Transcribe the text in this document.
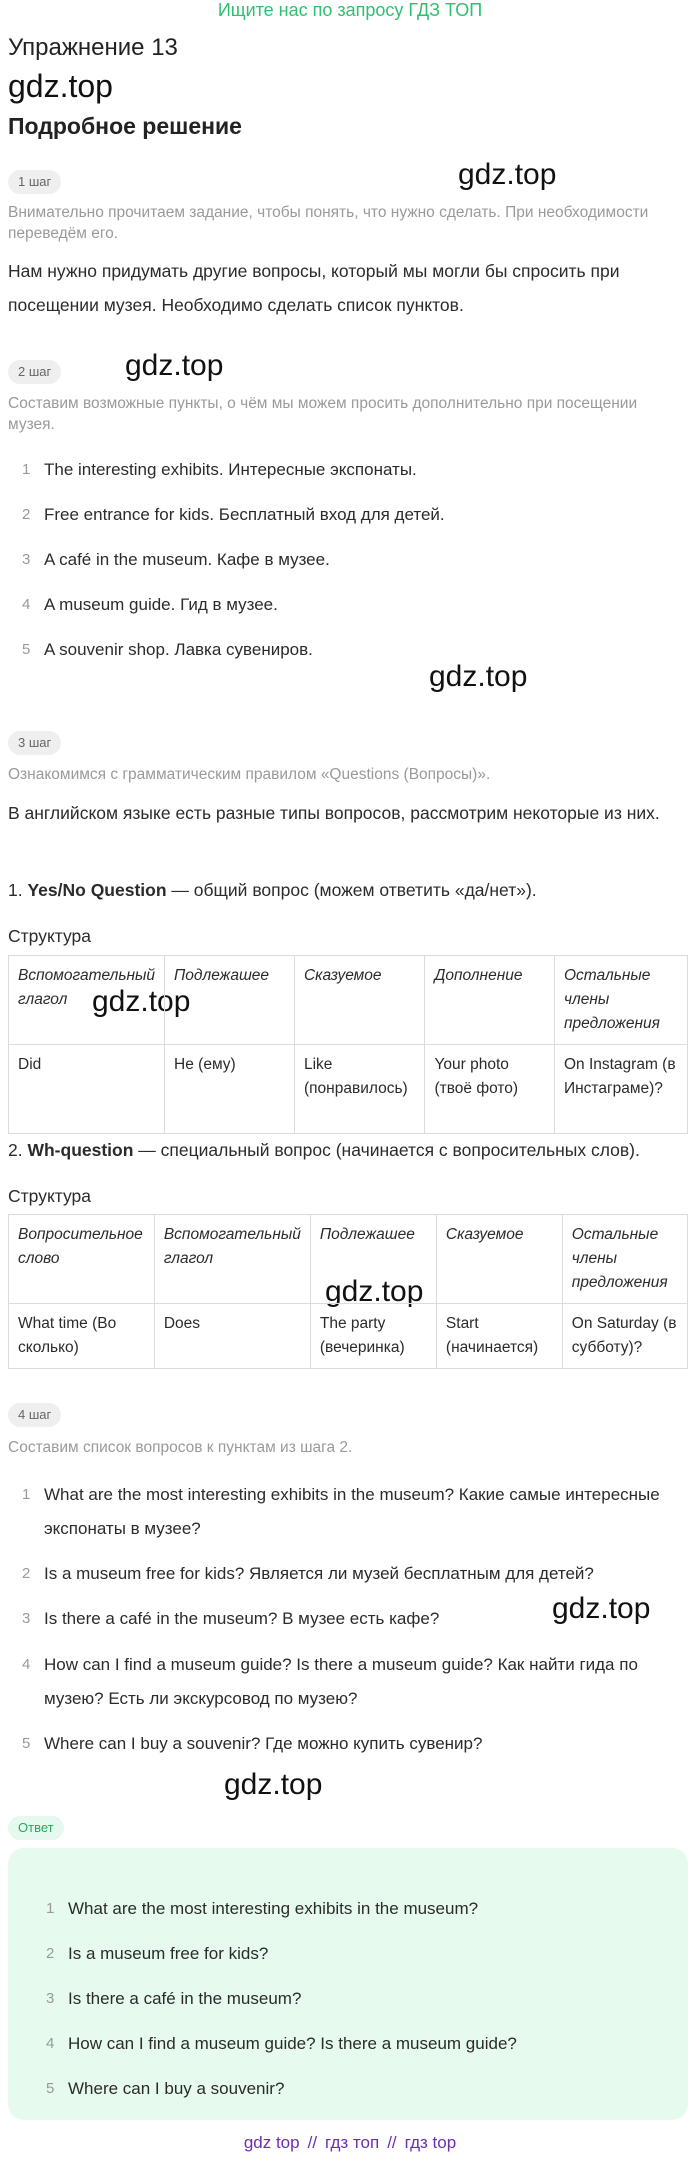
Ищите нас по запросу ГДЗ ТОП
Упражнение 13
gdz.top
Подробное решение
gdz.top
gdz.top
gdz.top
gdz.top
gdz.top
gdz.top
gdz.top
1 шаг
Внимательно прочитаем задание, чтобы понять, что нужно сделать. При необходимости переведём его.
Нам нужно придумать другие вопросы, который мы могли бы спросить при посещении музея. Необходимо сделать список пунктов.
2 шаг
Составим возможные пункты, о чём мы можем просить дополнительно при посещении музея.
1 The interesting exhibits. Интересные экспонаты.
2 Free entrance for kids. Бесплатный вход для детей.
3 A café in the museum. Кафе в музее.
4 A museum guide. Гид в музее.
5 A souvenir shop. Лавка сувениров.
3 шаг
Ознакомимся с грамматическим правилом «Questions (Вопросы)».
В английском языке есть разные типы вопросов, рассмотрим некоторые из них.
1. Yes/No Question — общий вопрос (можем ответить «да/нет»).
Структура
Вспомогательный глагол	Подлежашее	Сказуемое	Дополнение	Остальные члены предложения
Did	Не (ему)	Like (понравилось)	Your photo (твоё фото)	On Instagram (в Инстаграме)?
2. Wh-question — специальный вопрос (начинается с вопросительных слов).
Структура
Вопросительное слово	Вспомогательный глагол	Подлежашее	Сказуемое	Остальные члены предложения
What time (Во сколько)	Does	The party (вечеринка)	Start (начинается)	On Saturday (в субботу)?
4 шаг
Составим список вопросов к пунктам из шага 2.
1 What are the most interesting exhibits in the museum? Какие самые интересные экспонаты в музее?
2 Is a museum free for kids? Является ли музей бесплатным для детей?
3 Is there a café in the museum? В музее есть кафе?
4 How can I find a museum guide? Is there a museum guide? Как найти гида по музею? Есть ли экскурсовод по музею?
5 Where can I buy a souvenir? Где можно купить сувенир?
Ответ
1 What are the most interesting exhibits in the museum?
2 Is a museum free for kids?
3 Is there a café in the museum?
4 How can I find a museum guide? Is there a museum guide?
5 Where can I buy a souvenir?
gdz top // гдз топ // гдз top
